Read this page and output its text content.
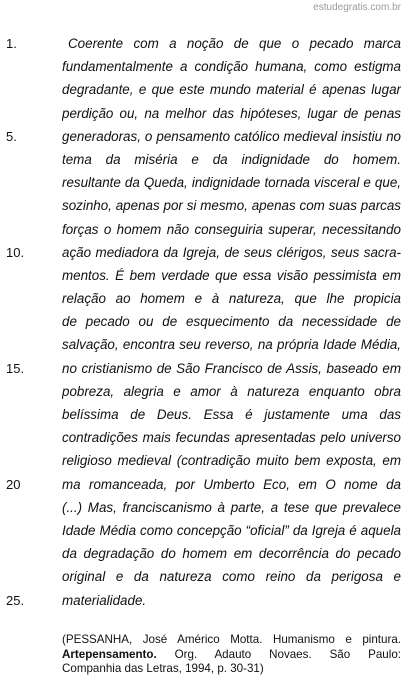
estudegratis.com.br
1.	Coerente com a noção de que o pecado marca
fundamentalmente a condição humana, como estigma
degradante, e que este mundo material é apenas lugar
perdição ou, na melhor das hipóteses, lugar de penas
5.	generadoras, o pensamento católico medieval insistiu no
tema da miséria e da indignidade do homem.
resultante da Queda, indignidade tornada visceral e que,
sozinho, apenas por si mesmo, apenas com suas parcas
forças o homem não conseguiria superar, necessitando
10.	ação mediadora da Igreja, de seus clérigos, seus sacra-
mentos. É bem verdade que essa visão pessimista em
relação ao homem e à natureza, que lhe propicia
de pecado ou de esquecimento da necessidade de
salvação, encontra seu reverso, na própria Idade Média,
15.	no cristianismo de São Francisco de Assis, baseado em
pobreza, alegria e amor à natureza enquanto obra
belíssima de Deus. Essa é justamente uma das
contradições mais fecundas apresentadas pelo universo
religioso medieval (contradição muito bem exposta, em
20	ma romanceada, por Umberto Eco, em O nome da
(...) Mas, franciscanismo à parte, a tese que prevalece
Idade Média como concepção “oficial” da Igreja é aquela
da degradação do homem em decorrência do pecado
original e da natureza como reino da perigosa e
25.	materialidade.
(PESSANHA, José Américo Motta. Humanismo e pintura.
Artepensamento. Org. Adauto Novaes. São Paulo:
Companhia das Letras, 1994, p. 30-31)
